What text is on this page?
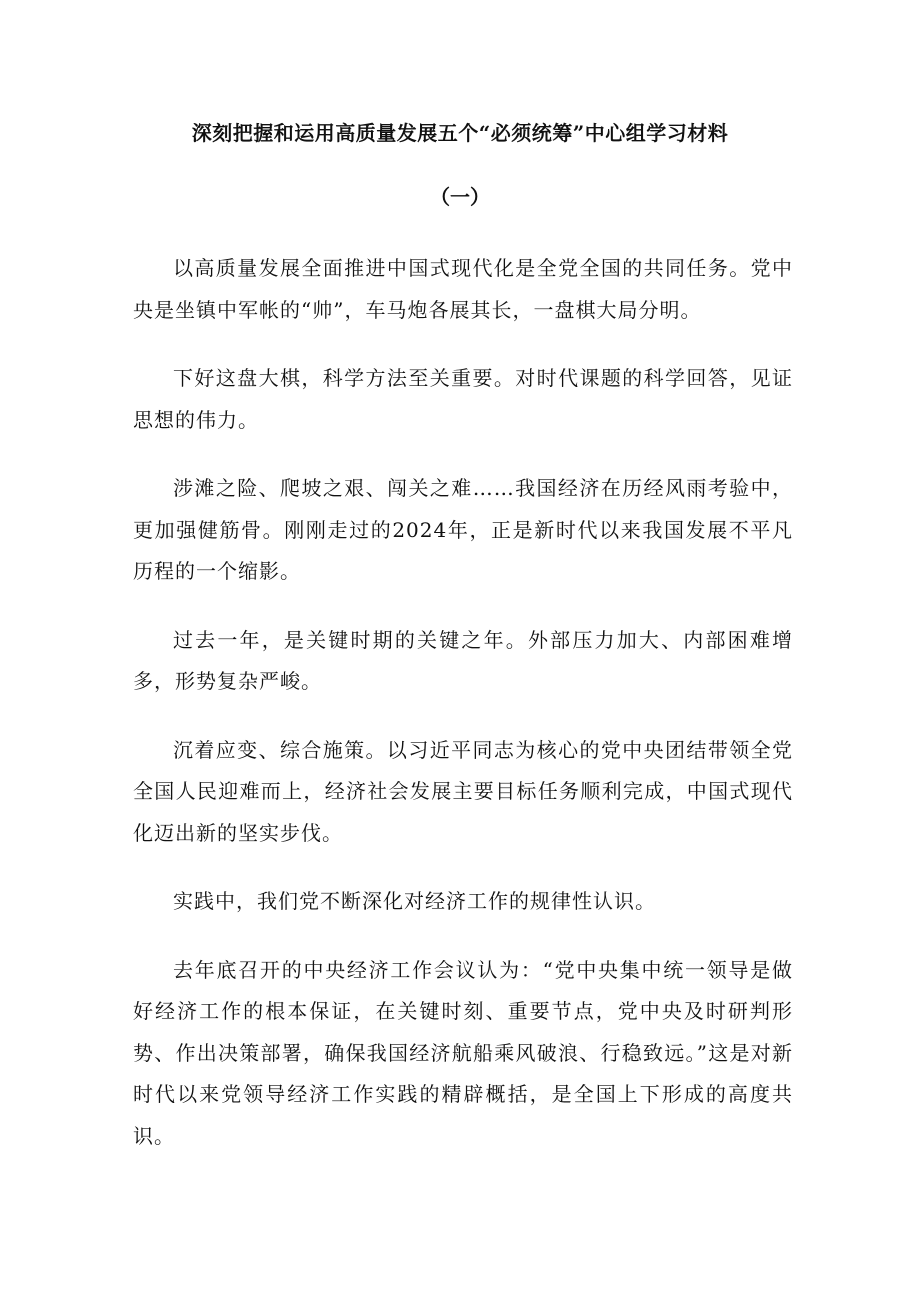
深刻把握和运用高质量发展五个“必须统筹”中心组学习材料
（一）

以高质量发展全面推进中国式现代化是全党全国的共同任务。党中央是坐镇中军帐的“帅”，车马炮各展其长，一盘棋大局分明。

下好这盘大棋，科学方法至关重要。对时代课题的科学回答，见证思想的伟力。

涉滩之险、爬坡之艰、闯关之难……我国经济在历经风雨考验中，更加强健筋骨。刚刚走过的2024年，正是新时代以来我国发展不平凡历程的一个缩影。

过去一年，是关键时期的关键之年。外部压力加大、内部困难增多，形势复杂严峻。

沉着应变、综合施策。以习近平同志为核心的党中央团结带领全党全国人民迎难而上，经济社会发展主要目标任务顺利完成，中国式现代化迈出新的坚实步伐。

实践中，我们党不断深化对经济工作的规律性认识。

去年底召开的中央经济工作会议认为：“党中央集中统一领导是做好经济工作的根本保证，在关键时刻、重要节点，党中央及时研判形势、作出决策部署，确保我国经济航船乘风破浪、行稳致远。”这是对新时代以来党领导经济工作实践的精辟概括，是全国上下形成的高度共识。
